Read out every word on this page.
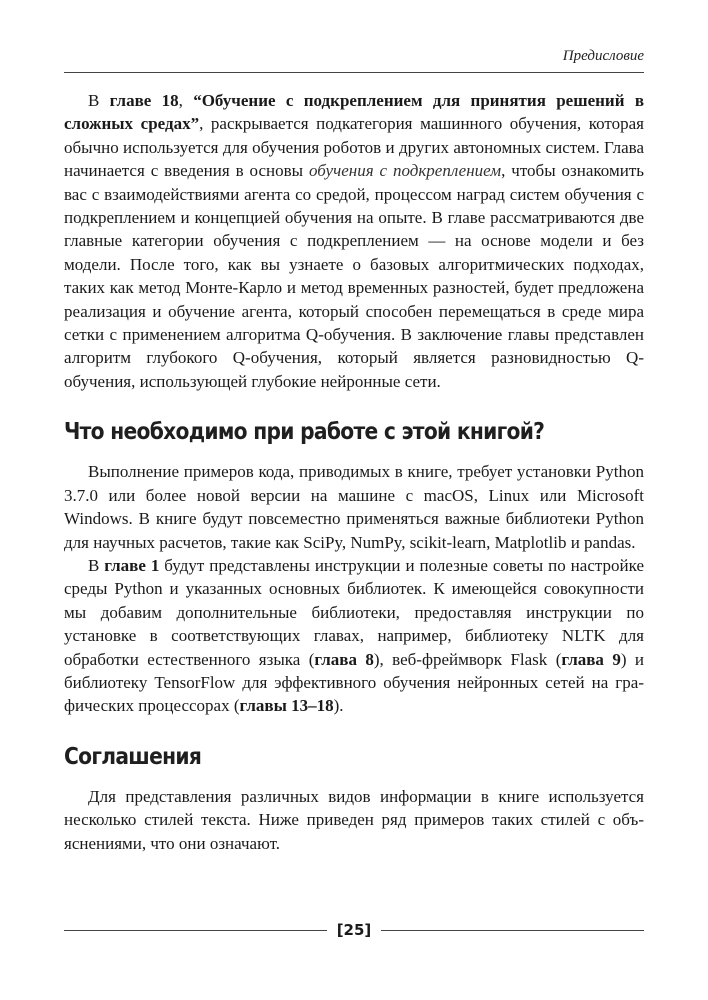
Предисловие

В главе 18, “Обучение с подкреплением для принятия решений в сложных средах”, раскрывается подкатегория машинного обучения, которая обычно используется для обучения роботов и других автономных систем. Глава начинается с введения в основы обучения с подкреплением, чтобы ознакомить вас с взаимодействиями агента со средой, процессом наград систем обучения с подкреплением и концепцией обучения на опыте. В главе рассматриваются две главные категории обучения с подкреплением — на основе модели и без модели. После того, как вы узнаете о базовых алгоритмических подходах, таких как метод Монте-Карло и метод временных разностей, будет предложена реализация и обучение агента, который способен перемещаться в среде мира сетки с применением алгоритма Q-обучения. В заключение главы представлен алгоритм глубокого Q-обучения, который является разновидностью Q-обучения, использующей глубокие нейронные сети.

Что необходимо при работе с этой книгой?

Выполнение примеров кода, приводимых в книге, требует установки Python 3.7.0 или более новой версии на машине с macOS, Linux или Microsoft Windows. В книге будут повсеместно применяться важные библиотеки Python для научных расчетов, такие как SciPy, NumPy, scikit-learn, Matplotlib и pandas.

В главе 1 будут представлены инструкции и полезные советы по настройке среды Python и указанных основных библиотек. К имеющейся совокупности мы добавим дополнительные библиотеки, предоставляя инструкции по установке в соответствующих главах, например, библиотеку NLTK для обработки естественного языка (глава 8), веб-фреймворк Flask (глава 9) и библиотеку TensorFlow для эффективного обучения нейронных сетей на графических процессорах (главы 13–18).

Соглашения

Для представления различных видов информации в книге используется несколько стилей текста. Ниже приведен ряд примеров таких стилей с объяснениями, что они означают.

[25]
